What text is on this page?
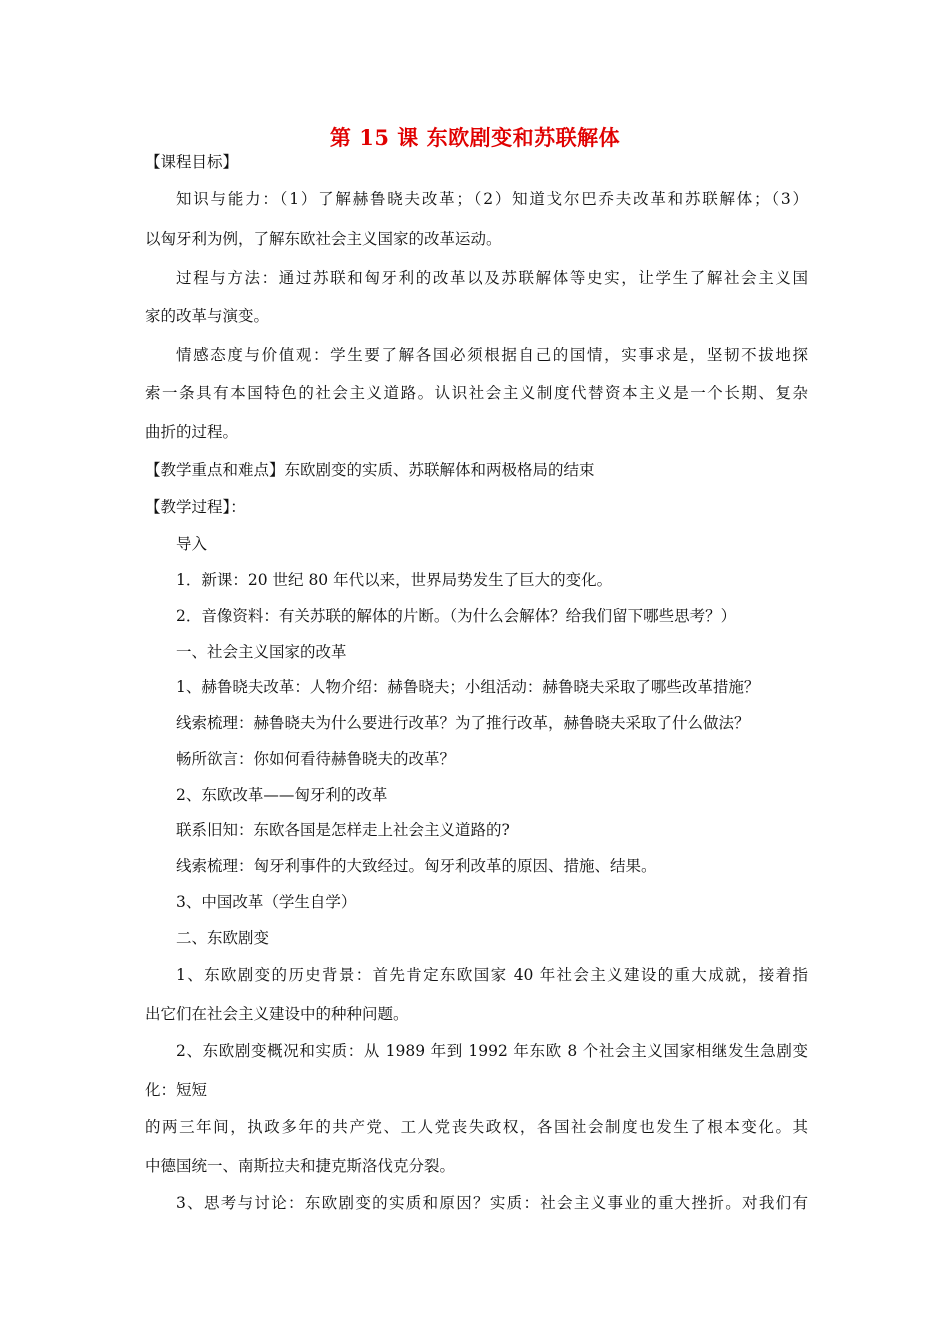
第 15 课 东欧剧变和苏联解体
【课程目标】
知识与能力：（1）了解赫鲁晓夫改革；（2）知道戈尔巴乔夫改革和苏联解体；（3）
以匈牙利为例，了解东欧社会主义国家的改革运动。
过程与方法：通过苏联和匈牙利的改革以及苏联解体等史实，让学生了解社会主义国
家的改革与演变。
情感态度与价值观：学生要了解各国必须根据自己的国情，实事求是，坚韧不拔地探
索一条具有本国特色的社会主义道路。认识社会主义制度代替资本主义是一个长期、复杂
曲折的过程。
【教学重点和难点】东欧剧变的实质、苏联解体和两极格局的结束
【教学过程】：
导入
1．新课：20 世纪 80 年代以来，世界局势发生了巨大的变化。
2．音像资料：有关苏联的解体的片断。（为什么会解体？给我们留下哪些思考？）
一、社会主义国家的改革
1、赫鲁晓夫改革：人物介绍：赫鲁晓夫；小组活动：赫鲁晓夫采取了哪些改革措施？
线索梳理：赫鲁晓夫为什么要进行改革？为了推行改革，赫鲁晓夫采取了什么做法？
畅所欲言：你如何看待赫鲁晓夫的改革？
2、东欧改革——匈牙利的改革
联系旧知：东欧各国是怎样走上社会主义道路的?
线索梳理：匈牙利事件的大致经过。匈牙利改革的原因、措施、结果。
3、中国改革（学生自学）
二、东欧剧变
1、东欧剧变的历史背景：首先肯定东欧国家 40 年社会主义建设的重大成就，接着指
出它们在社会主义建设中的种种问题。
2、东欧剧变概况和实质：从 1989 年到 1992 年东欧 8 个社会主义国家相继发生急剧变
化：短短
的两三年间，执政多年的共产党、工人党丧失政权，各国社会制度也发生了根本变化。其
中德国统一、南斯拉夫和捷克斯洛伐克分裂。
3、思考与讨论：东欧剧变的实质和原因？实质：社会主义事业的重大挫折。对我们有
